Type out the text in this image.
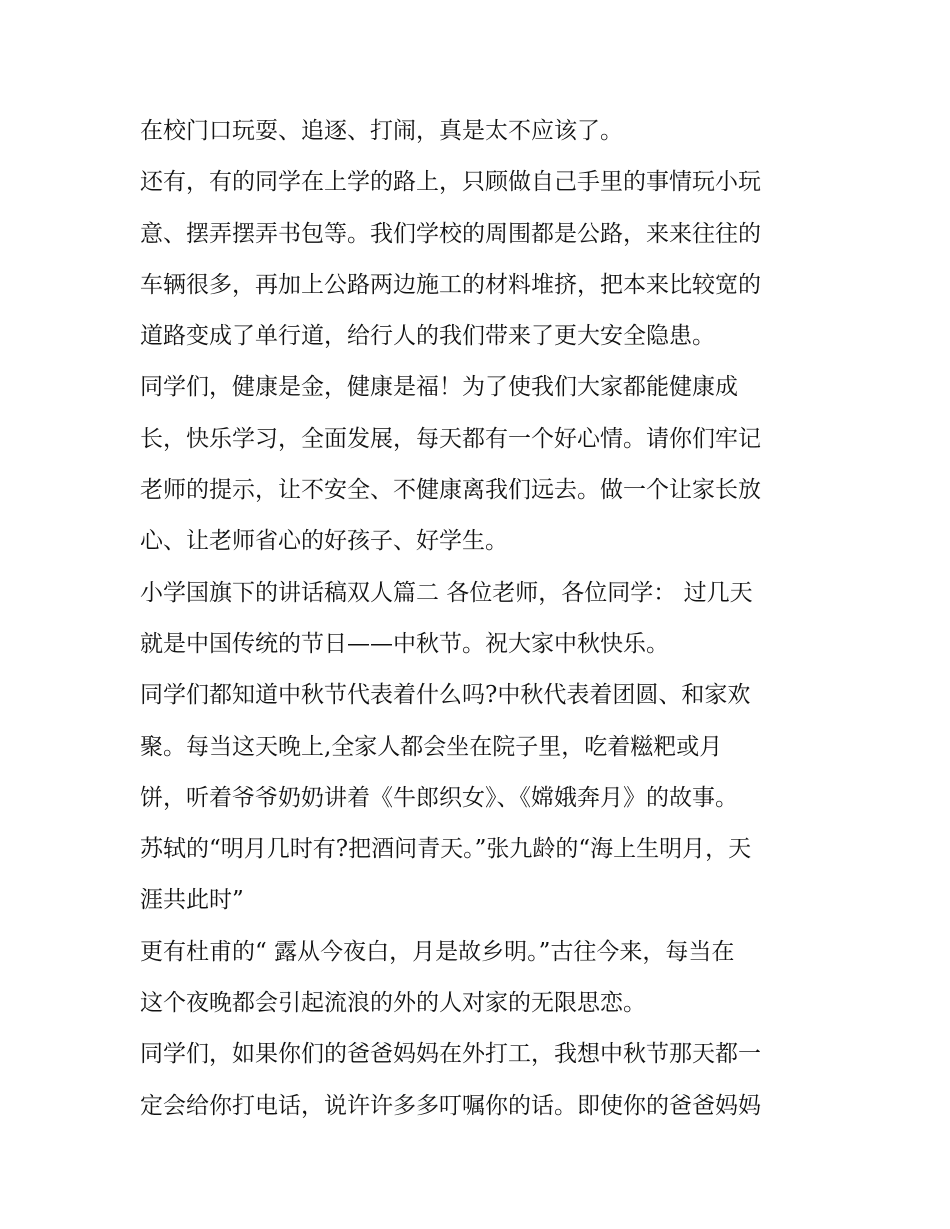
在校门口玩耍、追逐、打闹，真是太不应该了。
还有，有的同学在上学的路上，只顾做自己手里的事情玩小玩
意、摆弄摆弄书包等。我们学校的周围都是公路，来来往往的
车辆很多，再加上公路两边施工的材料堆挤，把本来比较宽的
道路变成了单行道，给行人的我们带来了更大安全隐患。
同学们，健康是金，健康是福！为了使我们大家都能健康成
长，快乐学习，全面发展，每天都有一个好心情。请你们牢记
老师的提示，让不安全、不健康离我们远去。做一个让家长放
心、让老师省心的好孩子、好学生。
小学国旗下的讲话稿双人篇二 各位老师，各位同学： 过几天
就是中国传统的节日——中秋节。祝大家中秋快乐。
同学们都知道中秋节代表着什么吗?中秋代表着团圆、和家欢
聚。每当这天晚上,全家人都会坐在院子里，吃着糍粑或月
饼，听着爷爷奶奶讲着《牛郎织女》、《嫦娥奔月》的故事。
苏轼的“明月几时有?把酒问青天。”张九龄的“海上生明月，天
涯共此时”
更有杜甫的“ 露从今夜白，月是故乡明。”古往今来，每当在
这个夜晚都会引起流浪的外的人对家的无限思恋。
同学们，如果你们的爸爸妈妈在外打工，我想中秋节那天都一
定会给你打电话，说许许多多叮嘱你的话。即使你的爸爸妈妈
